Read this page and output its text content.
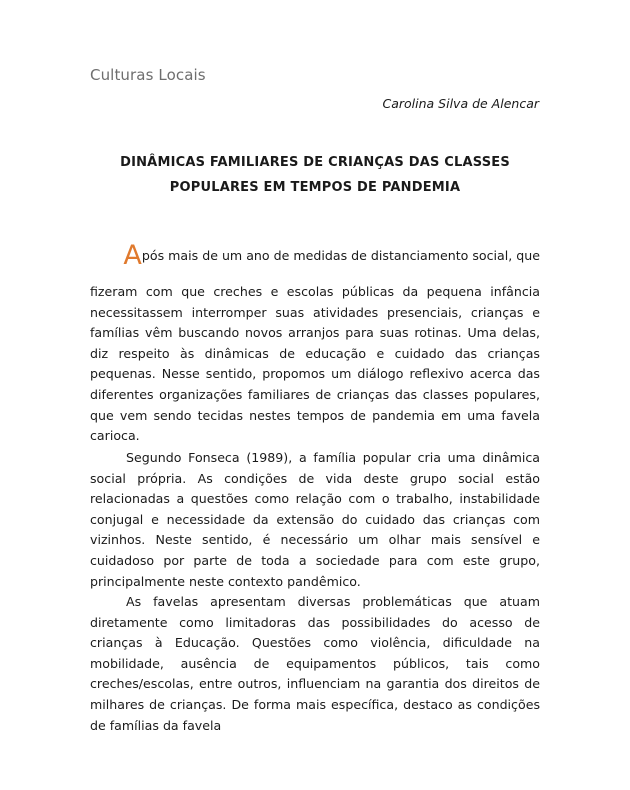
Culturas Locais
Carolina Silva de Alencar
DINÂMICAS FAMILIARES DE CRIANÇAS DAS CLASSES
POPULARES EM TEMPOS DE PANDEMIA
Após mais de um ano de medidas de distanciamento social, que

fizeram com que creches e escolas públicas da pequena infância necessitassem interromper suas atividades presenciais, crianças e famílias vêm buscando novos arranjos para suas rotinas. Uma delas, diz respeito às dinâmicas de educação e cuidado das crianças pequenas. Nesse sentido, propomos um diálogo reflexivo acerca das diferentes organizações familiares de crianças das classes populares, que vem sendo tecidas nestes tempos de pandemia em uma favela carioca.

Segundo Fonseca (1989), a família popular cria uma dinâmica social própria. As condições de vida deste grupo social estão relacionadas a questões como relação com o trabalho, instabilidade conjugal e necessidade da extensão do cuidado das crianças com vizinhos. Neste sentido, é necessário um olhar mais sensível e cuidadoso por parte de toda a sociedade para com este grupo, principalmente neste contexto pandêmico.

As favelas apresentam diversas problemáticas que atuam diretamente como limitadoras das possibilidades do acesso de crianças à Educação. Questões como violência, dificuldade na mobilidade, ausência de equipamentos públicos, tais como creches/escolas, entre outros, influenciam na garantia dos direitos de milhares de crianças. De forma mais específica, destaco as condições de famílias da favela
